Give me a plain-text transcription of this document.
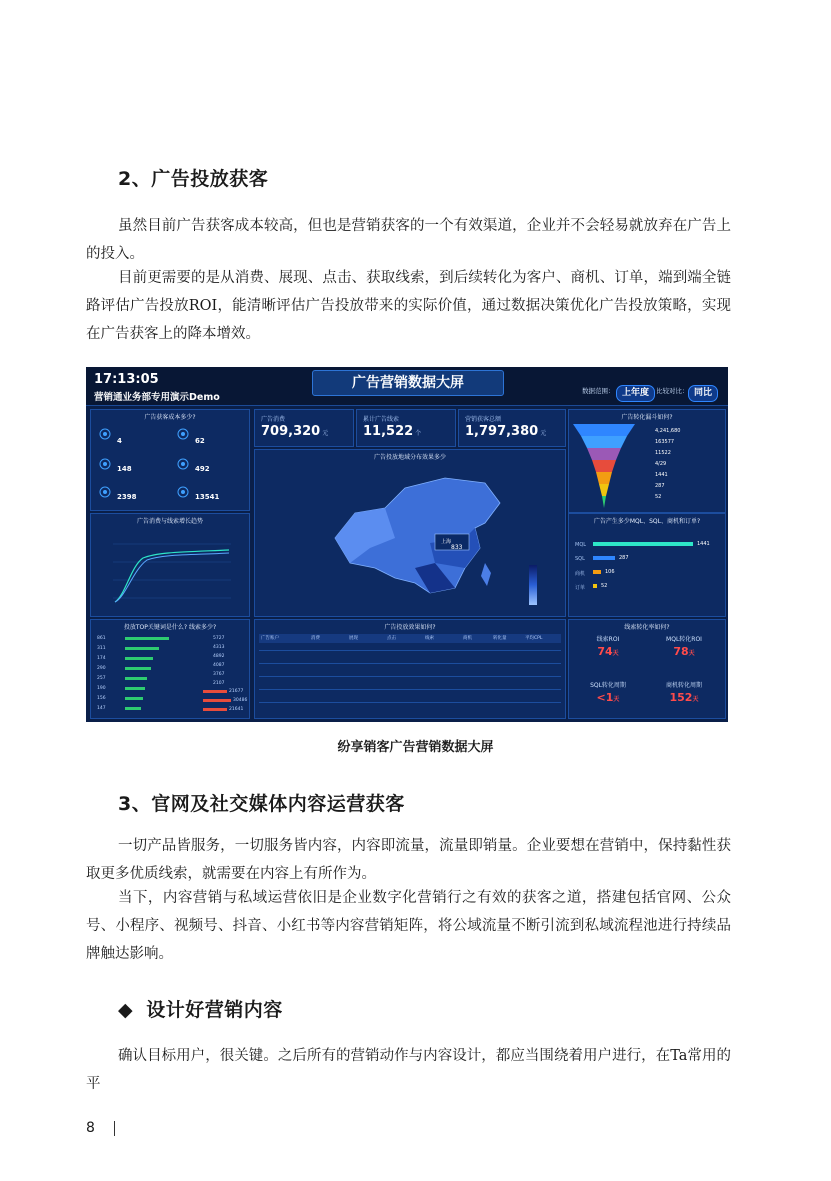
2、广告投放获客
虽然目前广告获客成本较高，但也是营销获客的一个有效渠道，企业并不会轻易就放弃在广告上的投入。
目前更需要的是从消费、展现、点击、获取线索，到后续转化为客户、商机、订单，端到端全链路评估广告投放ROI，能清晰评估广告投放带来的实际价值，通过数据决策优化广告投放策略，实现在广告获客上的降本增效。
17:13:05
营销通业务部专用演示Demo
广告营销数据大屏	数据范围： 上年度	比较对比： 同比
广告获客成本多少?
4	62
148	492
2398	13541
广告消费
709,320 元
累计广告线索
11,522 个
营销获客总额
1,797,380 元
广告投放地域分布效果多少
上海
833
广告转化漏斗如何?
4,241,680
163577
11522
4/29
1441
287
52
广告消费与线索增长趋势	广告产生多少MQL、SQL、商机和订单?
MQL	1441
SQL	287
商机	106
订单	52
投放TOP关键词是什么? 线索多少?
861
311
174
290
257
190
156
147
5727
4313
4892
4087
3767
2107
21677
30486
21641
广告投放效果如何?
广告账户	消费	展现	点击	线索	商机	转化量	平均CPL
线索转化率如何?
线索ROI
74天
MQL转化ROI
78天
SQL转化周期
<1天
商机转化周期
152天
纷享销客广告营销数据大屏
3、官网及社交媒体内容运营获客
一切产品皆服务，一切服务皆内容，内容即流量，流量即销量。企业要想在营销中，保持黏性获取更多优质线索，就需要在内容上有所作为。
当下，内容营销与私域运营依旧是企业数字化营销行之有效的获客之道，搭建包括官网、公众号、小程序、视频号、抖音、小红书等内容营销矩阵，将公域流量不断引流到私域流程池进行持续品牌触达影响。
◆ 设计好营销内容
确认目标用户，很关键。之后所有的营销动作与内容设计，都应当围绕着用户进行，在Ta常用的平
8
